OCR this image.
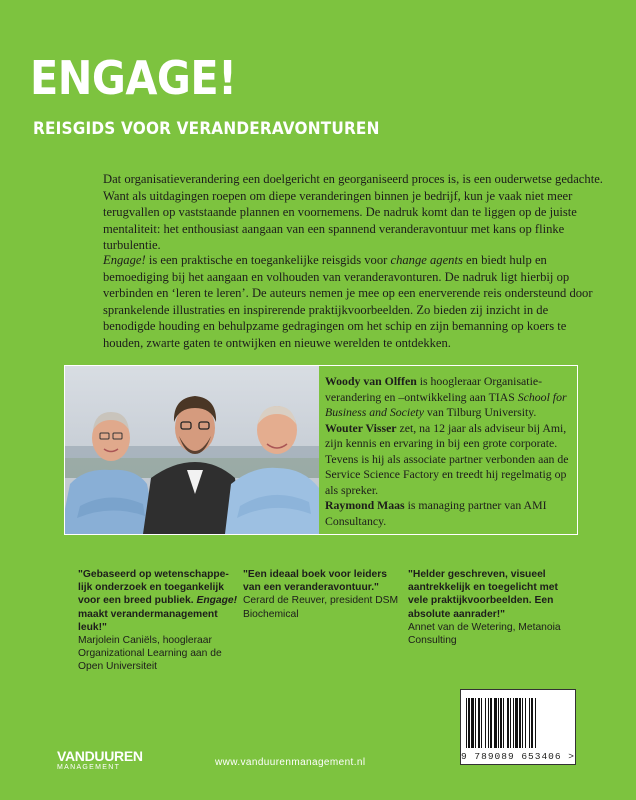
ENGAGE!
REISGIDS VOOR VERANDERAVONTUREN

Dat organisatieverandering een doelgericht en georganiseerd proces is, is een ouderwetse gedachte. Want als uitdagingen roepen om diepe veranderingen binnen je bedrijf, kun je vaak niet meer terugvallen op vaststaande plannen en voornemens. De nadruk komt dan te liggen op de juiste mentaliteit: het enthousiast aangaan van een spannend veranderavontuur met kans op flinke turbulentie.

Engage! is een praktische en toegankelijke reisgids voor change agents en biedt hulp en bemoediging bij het aangaan en volhouden van veranderavonturen. De nadruk ligt hierbij op verbinden en ‘leren te leren’. De auteurs nemen je mee op een enerverende reis ondersteund door sprankelende illustraties en inspirerende praktijkvoorbeelden. Zo bieden zij inzicht in de benodigde houding en behulpzame gedragingen om het schip en zijn bemanning op koers te houden, zwarte gaten te ontwijken en nieuwe werelden te ontdekken.

Woody van Olffen is hoogleraar Organisatieverandering en –ontwikkeling aan TIAS School for Business and Society van Tilburg University.
Wouter Visser zet, na 12 jaar als adviseur bij Ami, zijn kennis en ervaring in bij een grote corporate. Tevens is hij als associate partner verbonden aan de Service Science Factory en treedt hij regelmatig op als spreker.
Raymond Maas is managing partner van AMI Consultancy.

"Gebaseerd op wetenschappelijk onderzoek en toegankelijk voor een breed publiek. Engage! maakt verandermanagement leuk!"
Marjolein Caniëls, hoogleraar Organizational Learning aan de Open Universiteit
"Een ideaal boek voor leiders van een veranderavontuur."
Cerard de Reuver, president DSM Biochemical
"Helder geschreven, visueel aantrekkelijk en toegelicht met vele praktijkvoorbeelden. Een absolute aanrader!"
Annet van de Wetering, Metanoia Consulting
VANDUUREN
MANAGEMENT	www.vanduurenmanagement.nl
9 789089 653406 >
